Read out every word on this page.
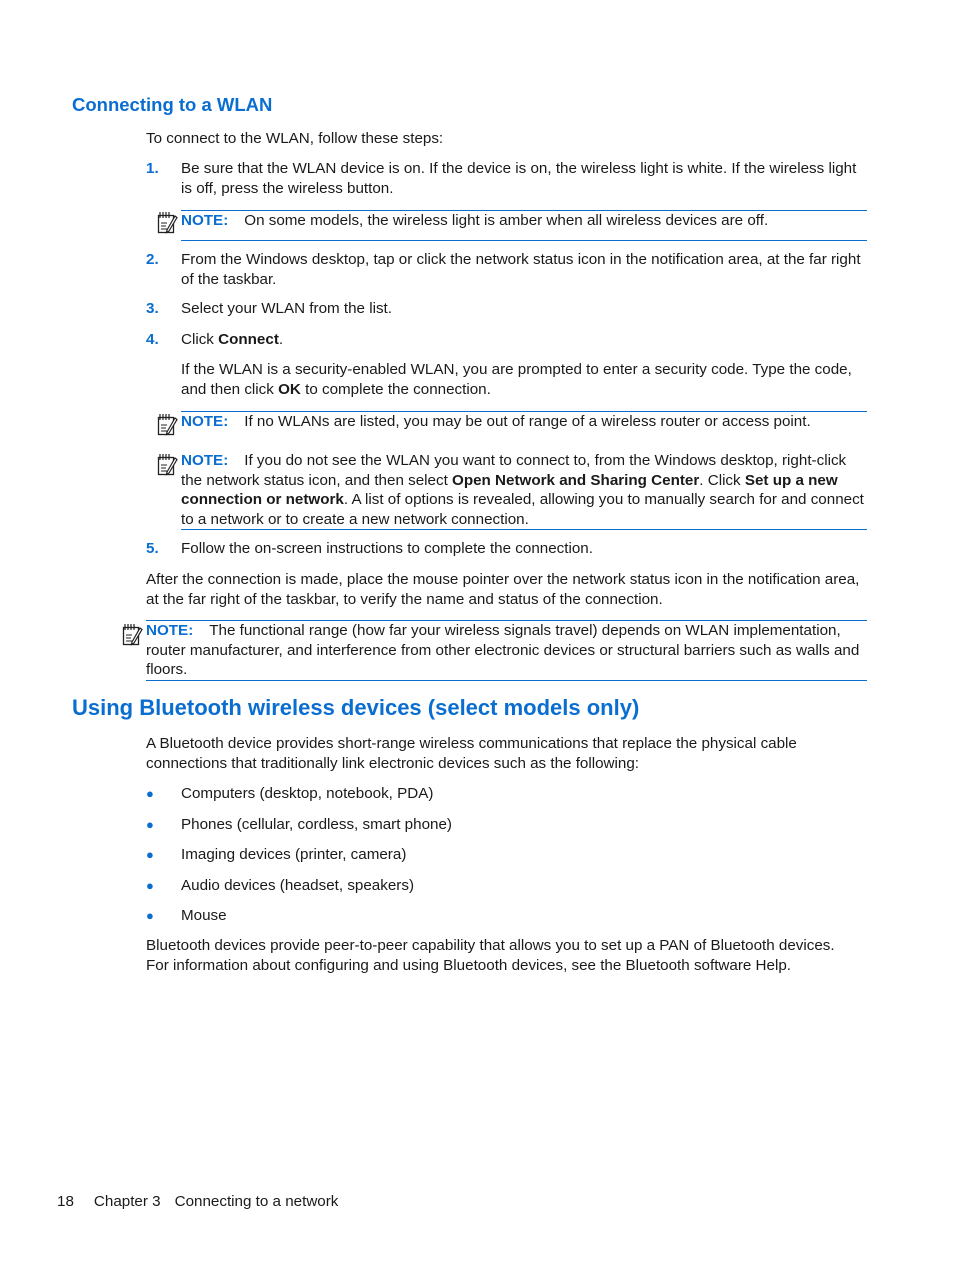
Connecting to a WLAN
To connect to the WLAN, follow these steps:
1. Be sure that the WLAN device is on. If the device is on, the wireless light is white. If the wireless light is off, press the wireless button.
NOTE: On some models, the wireless light is amber when all wireless devices are off.
2. From the Windows desktop, tap or click the network status icon in the notification area, at the far right of the taskbar.
3. Select your WLAN from the list.
4. Click Connect.
If the WLAN is a security-enabled WLAN, you are prompted to enter a security code. Type the code, and then click OK to complete the connection.
NOTE: If no WLANs are listed, you may be out of range of a wireless router or access point.
NOTE: If you do not see the WLAN you want to connect to, from the Windows desktop, right-click the network status icon, and then select Open Network and Sharing Center. Click Set up a new connection or network. A list of options is revealed, allowing you to manually search for and connect to a network or to create a new network connection.
5. Follow the on-screen instructions to complete the connection.
After the connection is made, place the mouse pointer over the network status icon in the notification area, at the far right of the taskbar, to verify the name and status of the connection.
NOTE: The functional range (how far your wireless signals travel) depends on WLAN implementation, router manufacturer, and interference from other electronic devices or structural barriers such as walls and floors.
Using Bluetooth wireless devices (select models only)
A Bluetooth device provides short-range wireless communications that replace the physical cable connections that traditionally link electronic devices such as the following:
● Computers (desktop, notebook, PDA)
● Phones (cellular, cordless, smart phone)
● Imaging devices (printer, camera)
● Audio devices (headset, speakers)
● Mouse
Bluetooth devices provide peer-to-peer capability that allows you to set up a PAN of Bluetooth devices. For information about configuring and using Bluetooth devices, see the Bluetooth software Help.
18 Chapter 3 Connecting to a network
